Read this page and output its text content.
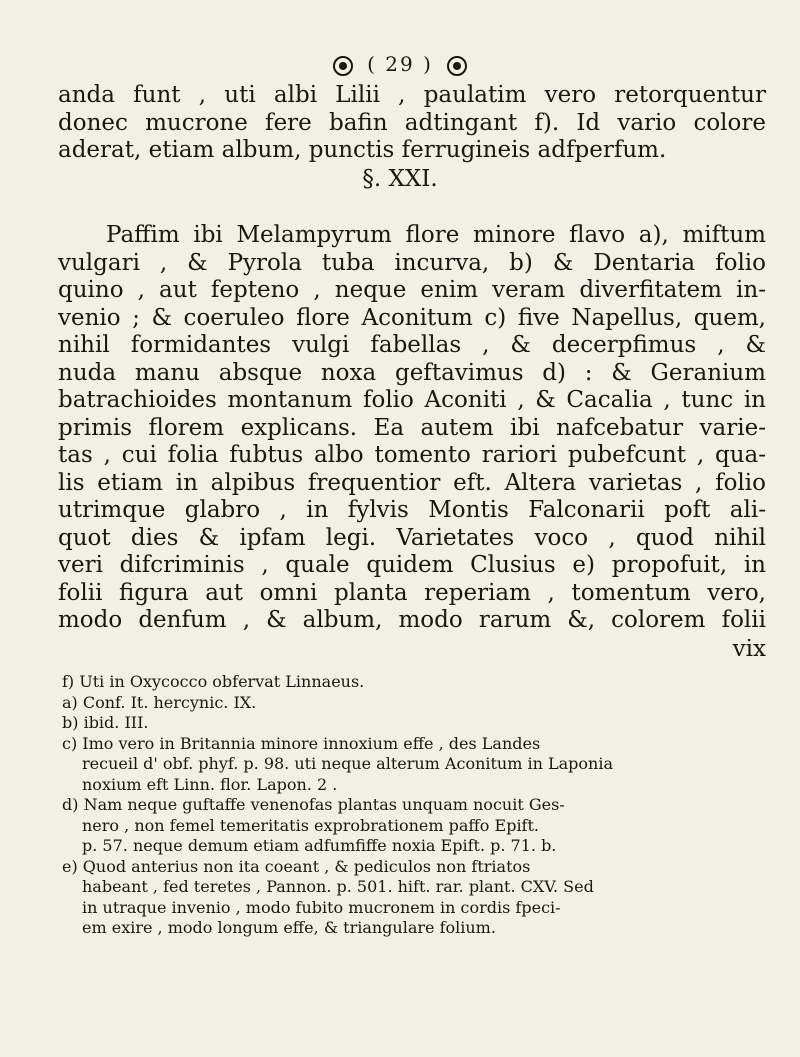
( 29 )
anda funt , uti albi Lilii , paulatim vero retorquentur
donec mucrone fere bafin adtingant f). Id vario colore
aderat, etiam album, punctis ferrugineis adfperfum.
§. XXI.
Paffim ibi Melampyrum flore minore flavo a), miftum
vulgari , & Pyrola tuba incurva, b) & Dentaria folio
quino , aut fepteno , neque enim veram diverfitatem in-
venio ; & coeruleo flore Aconitum c) five Napellus, quem,
nihil formidantes vulgi fabellas , & decerpfimus , &
nuda manu absque noxa geftavimus d) : & Geranium
batrachioides montanum folio Aconiti , & Cacalia , tunc in
primis florem explicans. Ea autem ibi nafcebatur varie-
tas , cui folia fubtus albo tomento rariori pubefcunt , qua-
lis etiam in alpibus frequentior eft. Altera varietas , folio
utrimque glabro , in fylvis Montis Falconarii poft ali-
quot dies & ipfam legi. Varietates voco , quod nihil
veri difcriminis , quale quidem Clusius e) propofuit, in
folii figura aut omni planta reperiam , tomentum vero,
modo denfum , & album, modo rarum &, colorem folii
vix
f) Uti in Oxycocco obfervat Linnaeus.
a) Conf. It. hercynic. IX.
b) ibid. III.
c) Imo vero in Britannia minore innoxium effe , des Landes
recueil d' obf. phyf. p. 98. uti neque alterum Aconitum in Laponia
noxium eft Linn. flor. Lapon. 2 .
d) Nam neque guftaffe venenofas plantas unquam nocuit Ges-
nero , non femel temeritatis exprobrationem paffo Epift.
p. 57. neque demum etiam adfumfiffe noxia Epift. p. 71. b.
e) Quod anterius non ita coeant , & pediculos non ftriatos
habeant , fed teretes , Pannon. p. 501. hift. rar. plant. CXV. Sed
in utraque invenio , modo fubito mucronem in cordis fpeci-
em exire , modo longum effe, & triangulare folium.
